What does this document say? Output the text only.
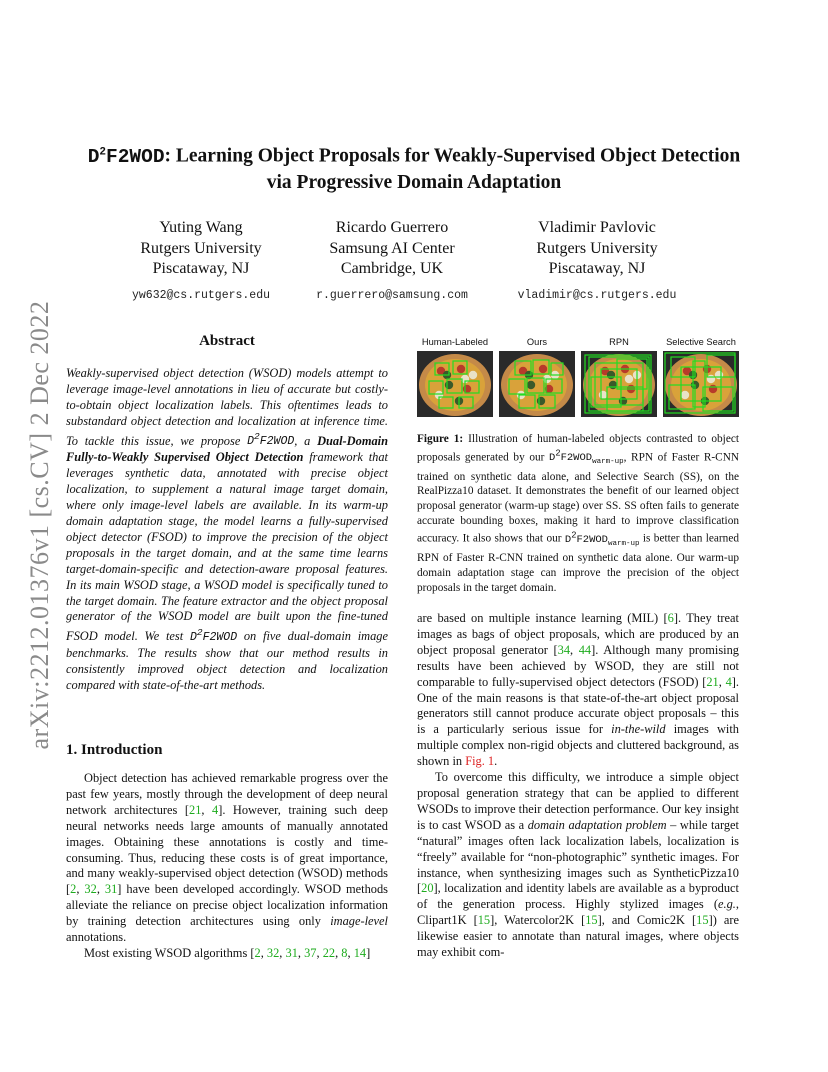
arXiv:2212.01376v1 [cs.CV] 2 Dec 2022
$D^2F2WOD$: Learning Object Proposals for Weakly-Supervised Object Detection
via Progressive Domain Adaptation
Yuting Wang
Rutgers University
Piscataway, NJ
yw632@cs.rutgers.edu
Ricardo Guerrero
Samsung AI Center
Cambridge, UK
r.guerrero@samsung.com
Vladimir Pavlovic
Rutgers University
Piscataway, NJ
vladimir@cs.rutgers.edu
Abstract
Weakly-supervised object detection (WSOD) models attempt to leverage image-level annotations in lieu of accurate but costly-to-obtain object localization labels. This oftentimes leads to substandard object detection and localization at inference time. To tackle this issue, we propose $D^2F2WOD$, a Dual-Domain Fully-to-Weakly Supervised Object Detection framework that leverages synthetic data, annotated with precise object localization, to supplement a natural image target domain, where only image-level labels are available. In its warm-up domain adaptation stage, the model learns a fully-supervised object detector (FSOD) to improve the precision of the object proposals in the target domain, and at the same time learns target-domain-specific and detection-aware proposal features. In its main WSOD stage, a WSOD model is specifically tuned to the target domain. The feature extractor and the object proposal generator of the WSOD model are built upon the fine-tuned FSOD model. We test $D^2F2WOD$ on five dual-domain image benchmarks. The results show that our method results in consistently improved object detection and localization compared with state-of-the-art methods.
1. Introduction

Object detection has achieved remarkable progress over the past few years, mostly through the development of deep neural network architectures [21, 4]. However, training such deep neural networks needs large amounts of manually annotated images. Obtaining these annotations is costly and time-consuming. Thus, reducing these costs is of great importance, and many weakly-supervised object detection (WSOD) methods [2, 32, 31] have been developed accordingly. WSOD methods alleviate the reliance on precise object localization information by training detection architectures using only image-level annotations.

Most existing WSOD algorithms [2, 32, 31, 37, 22, 8, 14]

Human-Labeled	Ours	RPN	Selective Search
Figure 1: Illustration of human-labeled objects contrasted to object proposals generated by our $D^2F2WOD_{warm-up}$, RPN of Faster R-CNN trained on synthetic data alone, and Selective Search (SS), on the RealPizza10 dataset. It demonstrates the benefit of our learned object proposal generator (warm-up stage) over SS. SS often fails to generate accurate bounding boxes, making it hard to improve classification accuracy. It also shows that our $D^2F2WOD_{warm-up}$ is better than learned RPN of Faster R-CNN trained on synthetic data alone. Our warm-up domain adaptation stage can improve the precision of the object proposals in the target domain.

are based on multiple instance learning (MIL) [6]. They treat images as bags of object proposals, which are produced by an object proposal generator [34, 44]. Although many promising results have been achieved by WSOD, they are still not comparable to fully-supervised object detectors (FSOD) [21, 4]. One of the main reasons is that state-of-the-art object proposal generators still cannot produce accurate object proposals – this is a particularly serious issue for in-the-wild images with multiple complex non-rigid objects and cluttered background, as shown in Fig. 1.

To overcome this difficulty, we introduce a simple object proposal generation strategy that can be applied to different WSODs to improve their detection performance. Our key insight is to cast WSOD as a domain adaptation problem – while target “natural” images often lack localization labels, localization is “freely” available for “non-photographic” synthetic images. For instance, when synthesizing images such as SyntheticPizza10 [20], localization and identity labels are available as a byproduct of the generation process. Highly stylized images (e.g., Clipart1K [15], Watercolor2K [15], and Comic2K [15]) are likewise easier to annotate than natural images, where objects may exhibit com-
